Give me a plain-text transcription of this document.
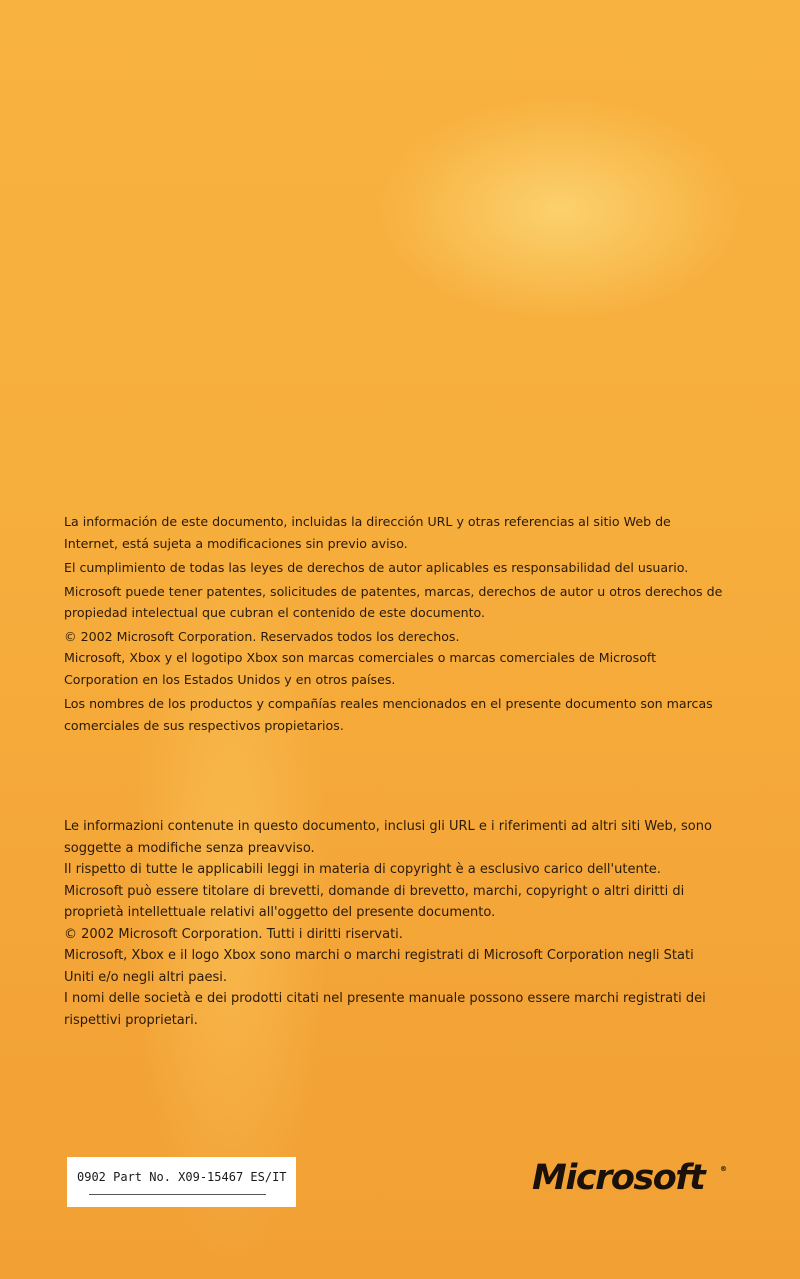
La información de este documento, incluidas la dirección URL y otras referencias al sitio Web de Internet, está sujeta a modificaciones sin previo aviso.

El cumplimiento de todas las leyes de derechos de autor aplicables es responsabilidad del usuario.

Microsoft puede tener patentes, solicitudes de patentes, marcas, derechos de autor u otros derechos de propiedad intelectual que cubran el contenido de este documento.

© 2002 Microsoft Corporation. Reservados todos los derechos.

Microsoft, Xbox y el logotipo Xbox son marcas comerciales o marcas comerciales de Microsoft Corporation en los Estados Unidos y en otros países.

Los nombres de los productos y compañías reales mencionados en el presente documento son marcas comerciales de sus respectivos propietarios.

Le informazioni contenute in questo documento, inclusi gli URL e i riferimenti ad altri siti Web, sono soggette a modifiche senza preavviso.

Il rispetto di tutte le applicabili leggi in materia di copyright è a esclusivo carico dell'utente.

Microsoft può essere titolare di brevetti, domande di brevetto, marchi, copyright o altri diritti di proprietà intellettuale relativi all'oggetto del presente documento.

© 2002 Microsoft Corporation. Tutti i diritti riservati.

Microsoft, Xbox e il logo Xbox sono marchi o marchi registrati di Microsoft Corporation negli Stati Uniti e/o negli altri paesi.

I nomi delle società e dei prodotti citati nel presente manuale possono essere marchi registrati dei rispettivi proprietari.

0902 Part No. X09-15467 ES/IT	Microsoft ®
